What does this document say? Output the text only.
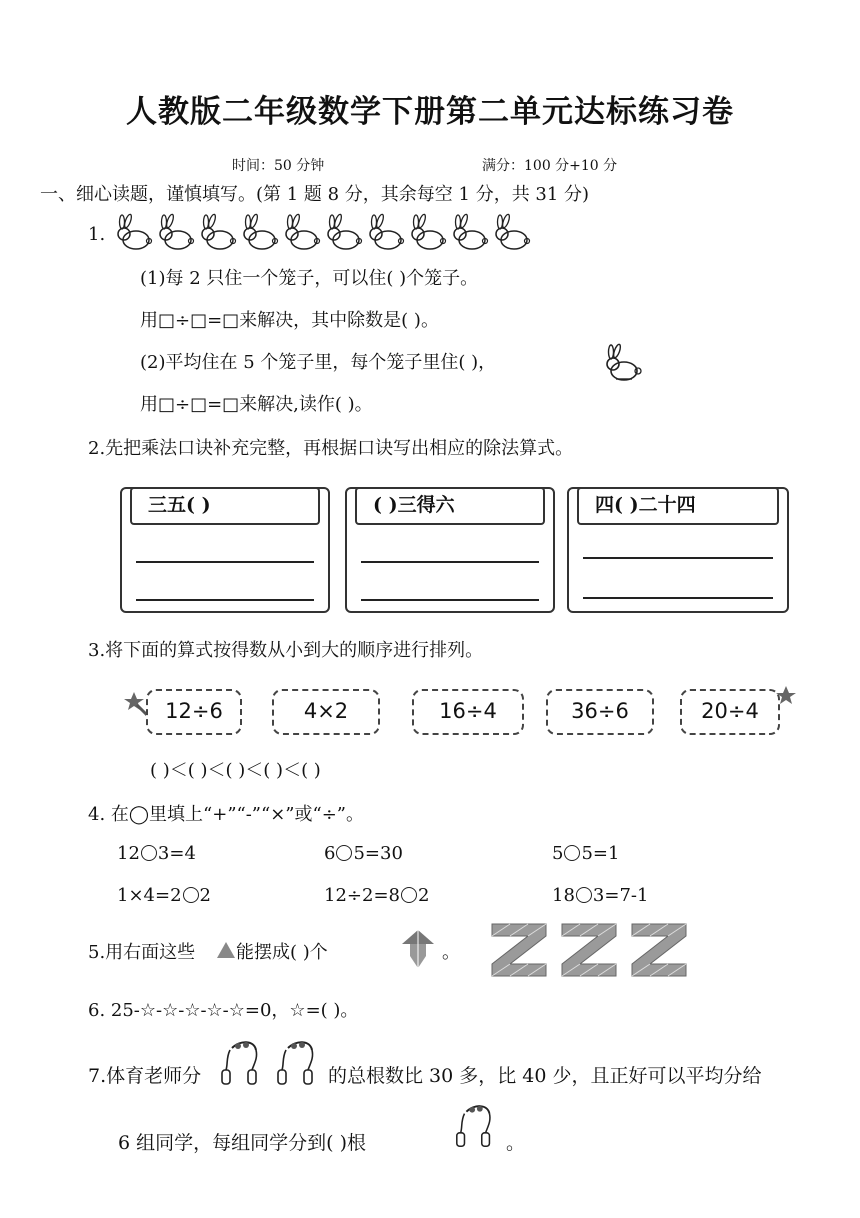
人教版二年级数学下册第二单元达标练习卷
时间：50 分钟	满分：100 分+10 分
一、细心读题，谨慎填写。(第 1 题 8 分，其余每空 1 分，共 31 分)
1.
(1)每 2 只住一个笼子，可以住( )个笼子。
用□÷□=□来解决，其中除数是( )。
(2)平均住在 5 个笼子里，每个笼子里住( )，
用□÷□=□来解决,读作( )。
2.先把乘法口诀补充完整，再根据口诀写出相应的除法算式。
三五( )	( )三得六	四( )二十四
3.将下面的算式按得数从小到大的顺序进行排列。
12÷6	4×2	16÷4	36÷6	20÷4
( )＜( )＜( )＜( )＜( )
4. 在◯里填上“+”“-”“×”或“÷”。
12 3=4	6 5=30	5 5=1
1×4=2 2	12÷2=8 2	18 3=7-1
5.用右面这些 能摆成( )个	。
6. 25-☆-☆-☆-☆-☆=0，☆=( )。
7.体育老师分	的总根数比 30 多，比 40 少，且正好可以平均分给
6 组同学，每组同学分到( )根	。
